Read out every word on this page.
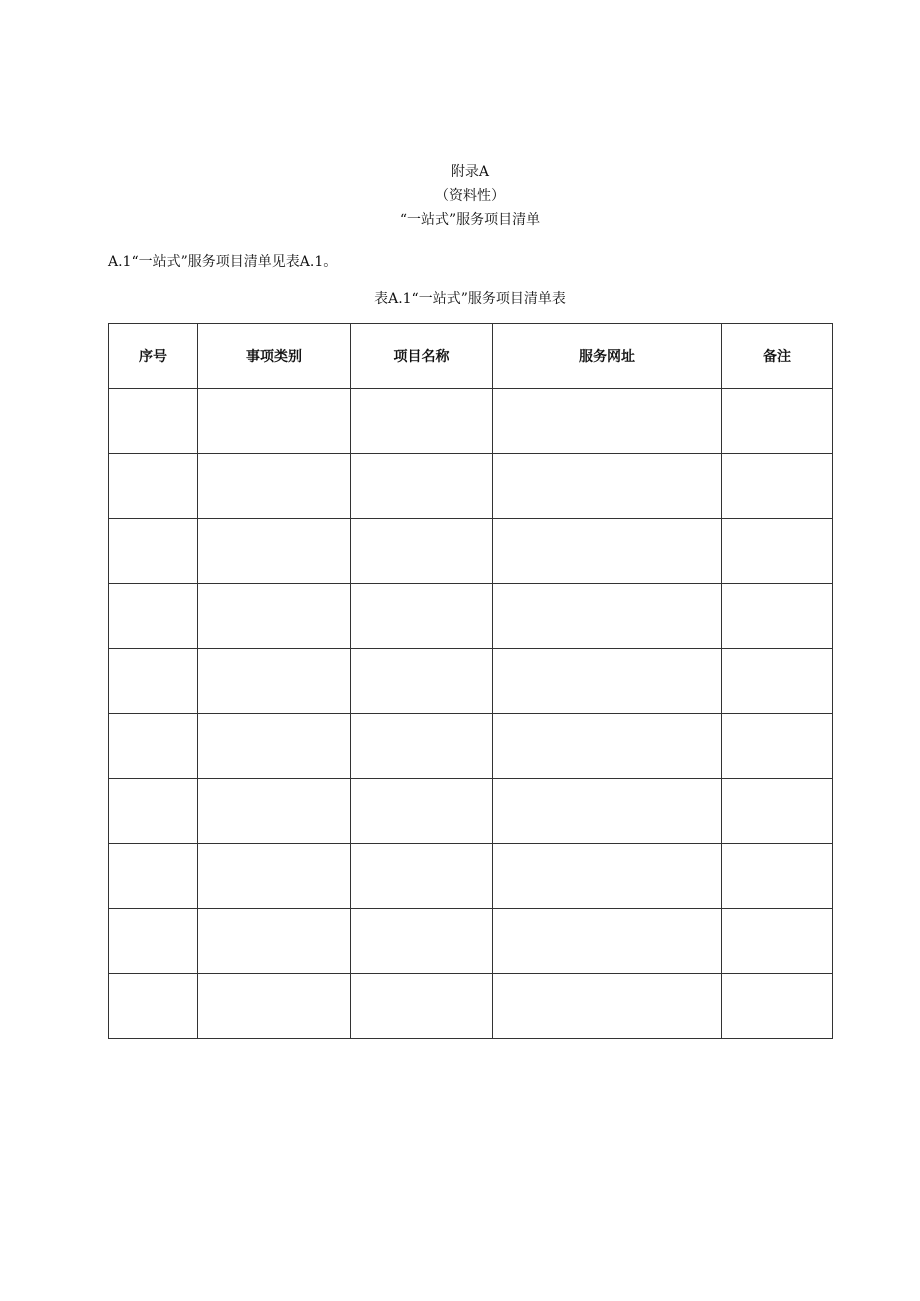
附录A
（资料性）
“一站式”服务项目清单
A.1“一站式”服务项目清单见表A.1。
表A.1“一站式”服务项目清单表
序号	事项类别	项目名称	服务网址	备注
